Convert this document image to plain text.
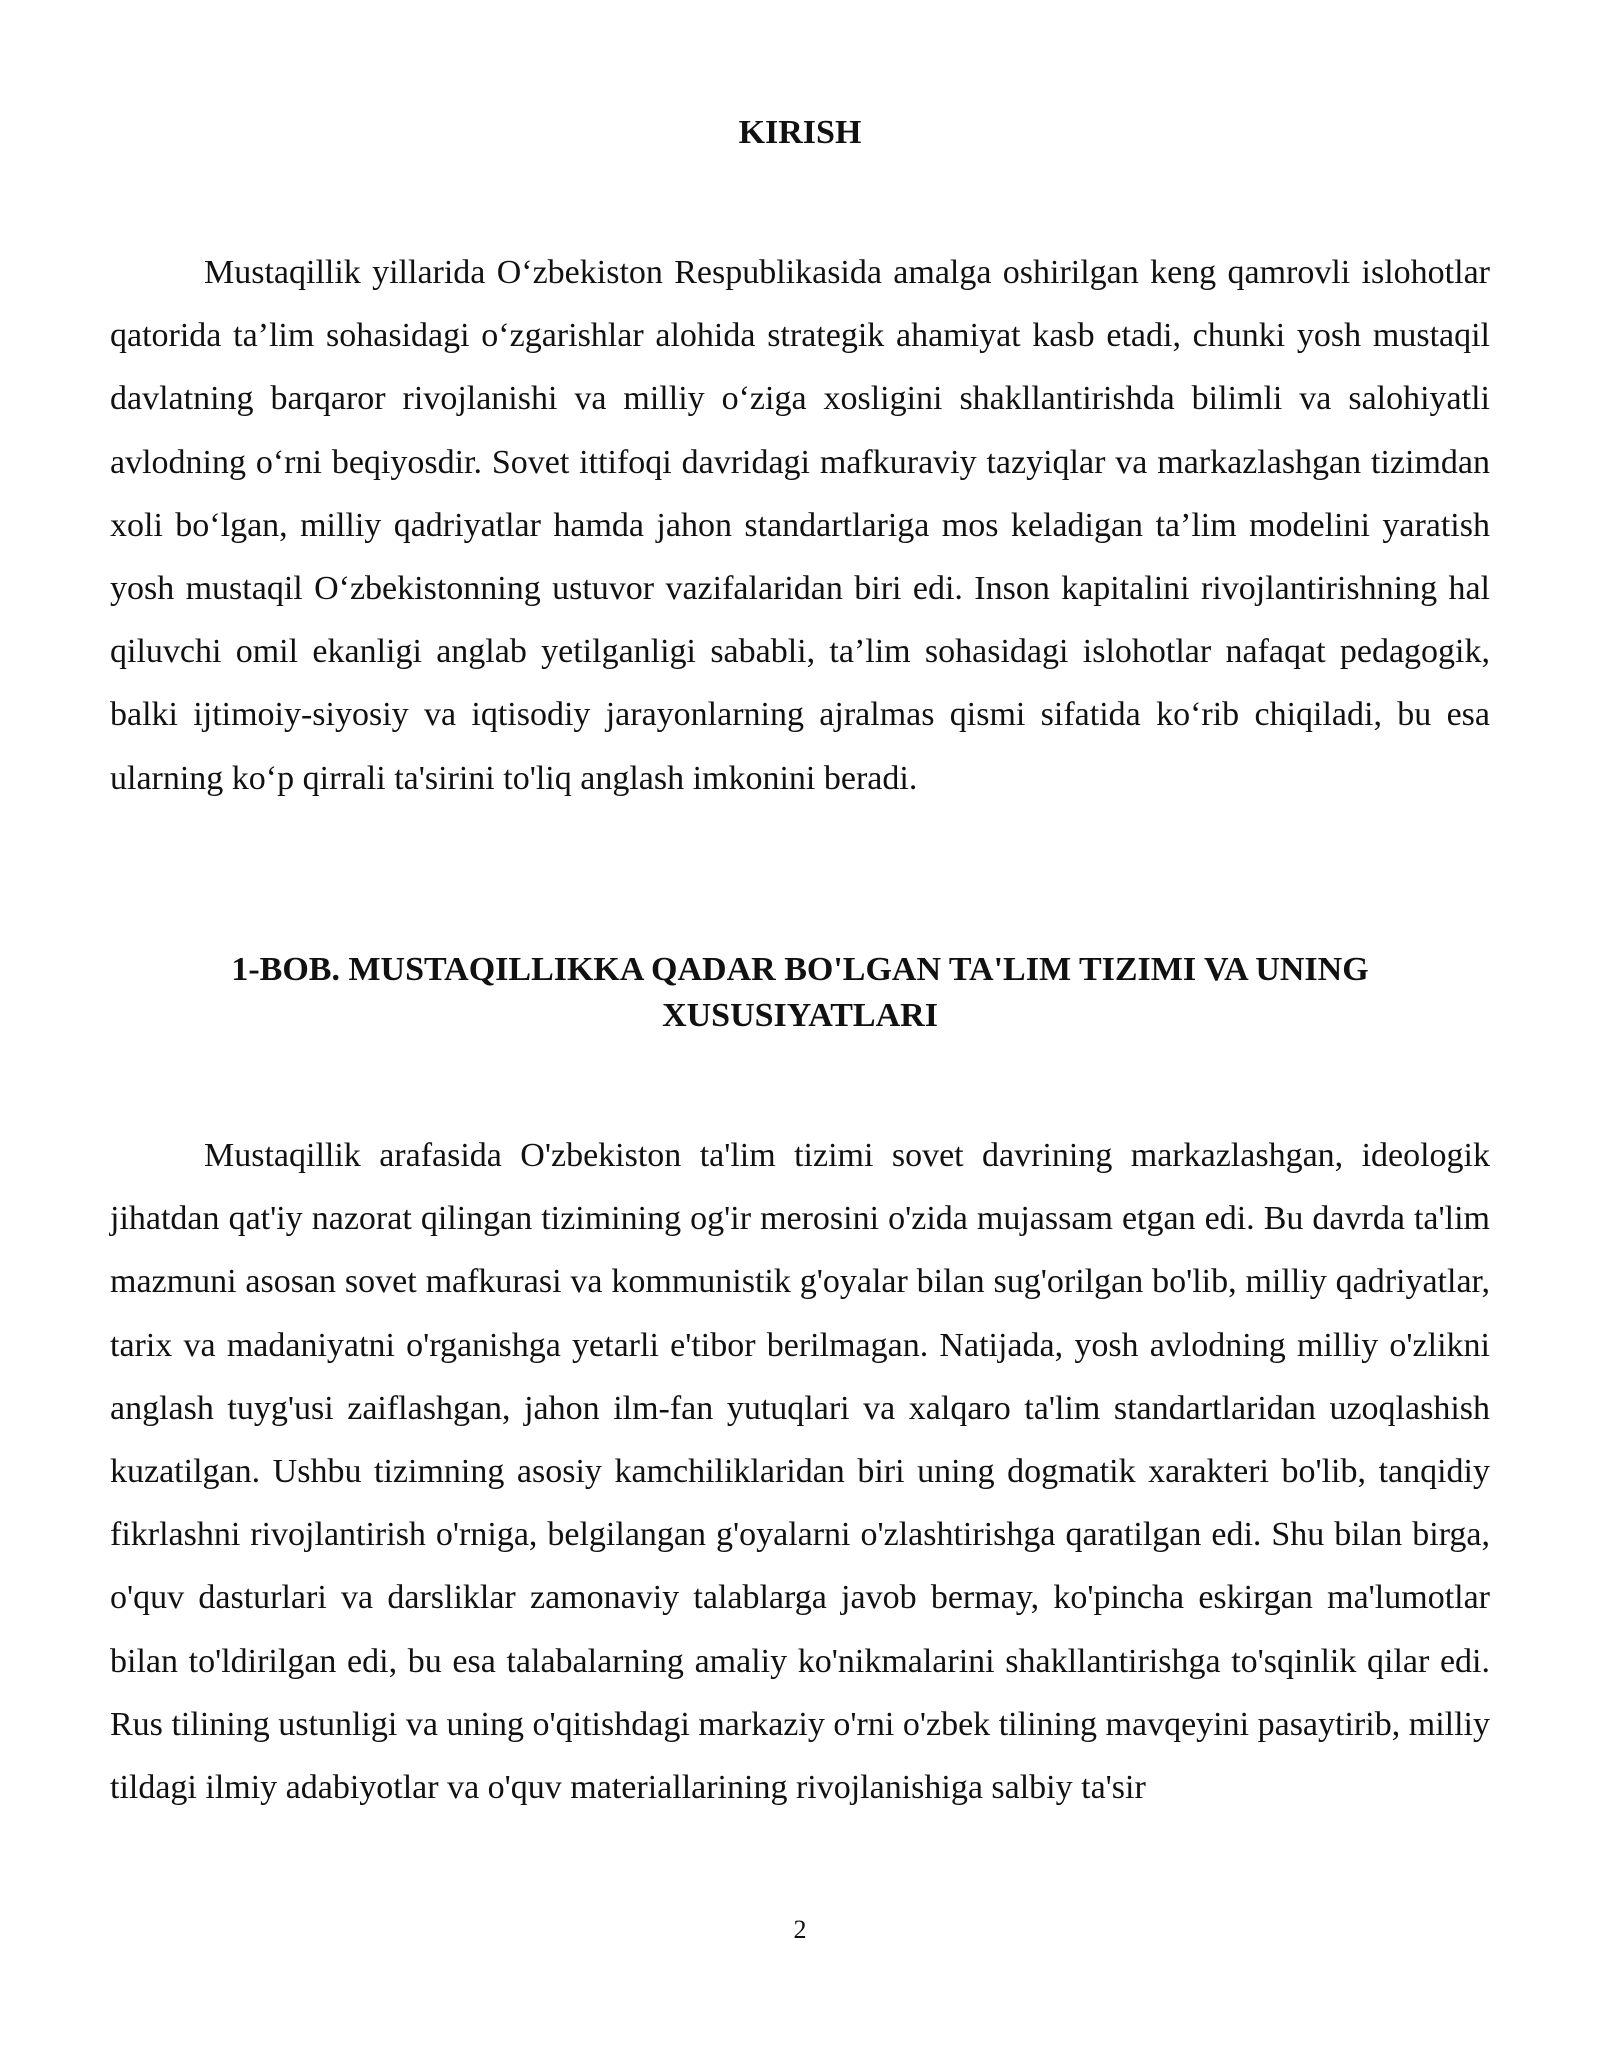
KIRISH

Mustaqillik yillarida O‘zbekiston Respublikasida amalga oshirilgan keng qamrovli islohotlar qatorida ta’lim sohasidagi o‘zgarishlar alohida strategik ahamiyat kasb etadi, chunki yosh mustaqil davlatning barqaror rivojlanishi va milliy o‘ziga xosligini shakllantirishda bilimli va salohiyatli avlodning o‘rni beqiyosdir. Sovet ittifoqi davridagi mafkuraviy tazyiqlar va markazlashgan tizimdan xoli bo‘lgan, milliy qadriyatlar hamda jahon standartlariga mos keladigan ta’lim modelini yaratish yosh mustaqil O‘zbekistonning ustuvor vazifalaridan biri edi. Inson kapitalini rivojlantirishning hal qiluvchi omil ekanligi anglab yetilganligi sababli, ta’lim sohasidagi islohotlar nafaqat pedagogik, balki ijtimoiy-siyosiy va iqtisodiy jarayonlarning ajralmas qismi sifatida ko‘rib chiqiladi, bu esa ularning ko‘p qirrali ta'sirini to'liq anglash imkonini beradi.

1-BOB. MUSTAQILLIKKA QADAR BO'LGAN TA'LIM TIZIMI VA UNING
XUSUSIYATLARI

Mustaqillik arafasida O'zbekiston ta'lim tizimi sovet davrining markazlashgan, ideologik jihatdan qat'iy nazorat qilingan tizimining og'ir merosini o'zida mujassam etgan edi. Bu davrda ta'lim mazmuni asosan sovet mafkurasi va kommunistik g'oyalar bilan sug'orilgan bo'lib, milliy qadriyatlar, tarix va madaniyatni o'rganishga yetarli e'tibor berilmagan. Natijada, yosh avlodning milliy o'zlikni anglash tuyg'usi zaiflashgan, jahon ilm-fan yutuqlari va xalqaro ta'lim standartlaridan uzoqlashish kuzatilgan. Ushbu tizimning asosiy kamchiliklaridan biri uning dogmatik xarakteri bo'lib, tanqidiy fikrlashni rivojlantirish o'rniga, belgilangan g'oyalarni o'zlashtirishga qaratilgan edi. Shu bilan birga, o'quv dasturlari va darsliklar zamonaviy talablarga javob bermay, ko'pincha eskirgan ma'lumotlar bilan to'ldirilgan edi, bu esa talabalarning amaliy ko'nikmalarini shakllantirishga to'sqinlik qilar edi. Rus tilining ustunligi va uning o'qitishdagi markaziy o'rni o'zbek tilining mavqeyini pasaytirib, milliy tildagi ilmiy adabiyotlar va o'quv materiallarining rivojlanishiga salbiy ta'sir

2
